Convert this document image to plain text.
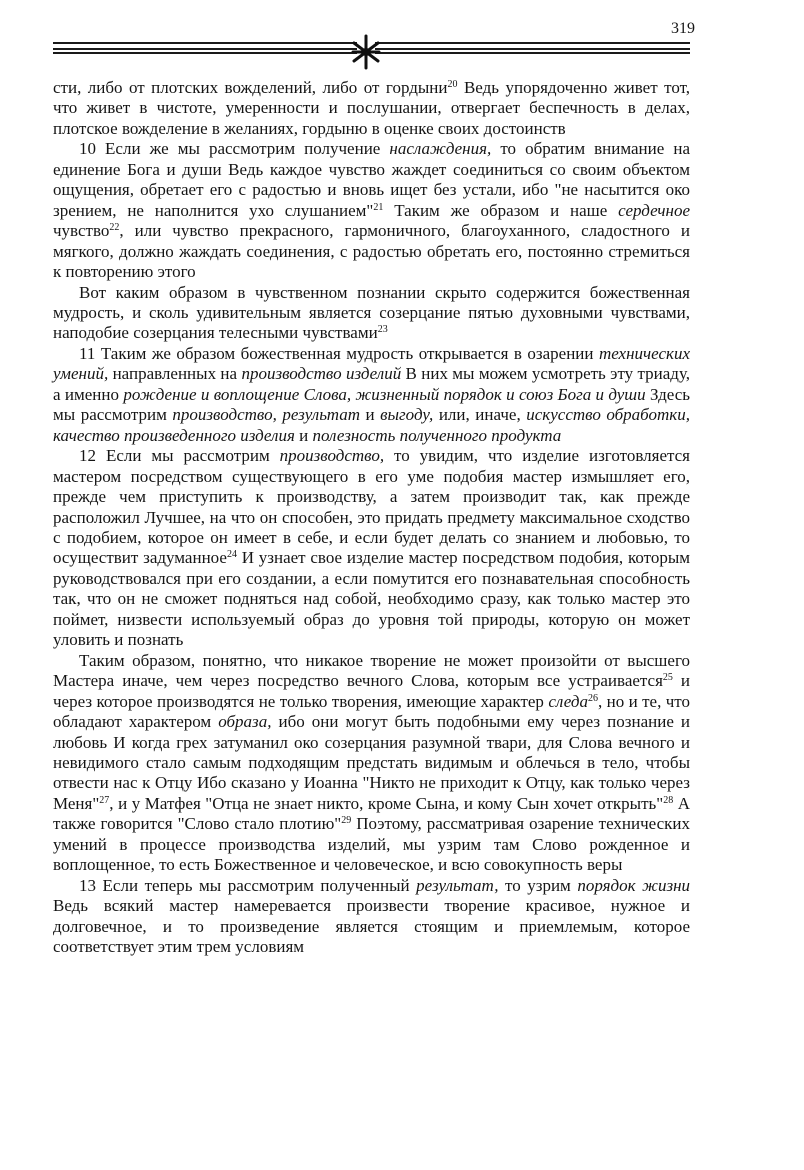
319

сти, либо от плотских вожделений, либо от гордыни$^{20}$ Ведь упорядоченно живет тот, что живет в чистоте, умеренности и послушании, отвергает беспечность в делах, плотское вожделение в желаниях, гордыню в оценке своих достоинств

10 Если же мы рассмотрим получение наслаждения, то обратим внимание на единение Бога и души Ведь каждое чувство жаждет соединиться со своим объектом ощущения, обретает его с радостью и вновь ищет без устали, ибо "не насытится око зрением, не наполнится ухо слушанием"$^{21}$ Таким же образом и наше сердечное чувство$^{22}$, или чувство прекрасного, гармоничного, благоуханного, сладостного и мягкого, должно жаждать соединения, с радостью обретать его, постоянно стремиться к повторению этого

Вот каким образом в чувственном познании скрыто содержится божественная мудрость, и сколь удивительным является созерцание пятью духовными чувствами, наподобие созерцания телесными чувствами$^{23}$

11 Таким же образом божественная мудрость открывается в озарении технических умений, направленных на производство изделий В них мы можем усмотреть эту триаду, а именно рождение и воплощение Слова, жизненный порядок и союз Бога и души Здесь мы рассмотрим производство, результат и выгоду, или, иначе, искусство обработки, качество произведенного изделия и полезность полученного продукта

12 Если мы рассмотрим производство, то увидим, что изделие изготовляется мастером посредством существующего в его уме подобия мастер измышляет его, прежде чем приступить к производству, а затем производит так, как прежде расположил Лучшее, на что он способен, это придать предмету максимальное сходство с подобием, которое он имеет в себе, и если будет делать со знанием и любовью, то осуществит задуманное$^{24}$ И узнает свое изделие мастер посредством подобия, которым руководствовался при его создании, а если помутится его познавательная способность так, что он не сможет подняться над собой, необходимо сразу, как только мастер это поймет, низвести используемый образ до уровня той природы, которую он может уловить и познать

Таким образом, понятно, что никакое творение не может произойти от высшего Мастера иначе, чем через посредство вечного Слова, которым все устраивается$^{25}$ и через которое производятся не только творения, имеющие характер следа$^{26}$, но и те, что обладают характером образа, ибо они могут быть подобными ему через познание и любовь И когда грех затуманил око созерцания разумной твари, для Слова вечного и невидимого стало самым подходящим предстать видимым и облечься в тело, чтобы отвести нас к Отцу Ибо сказано у Иоанна "Никто не приходит к Отцу, как только через Меня"$^{27}$, и у Матфея "Отца не знает никто, кроме Сына, и кому Сын хочет открыть"$^{28}$ А также говорится "Слово стало плотию"$^{29}$ Поэтому, рассматривая озарение технических умений в процессе производства изделий, мы узрим там Слово рожденное и воплощенное, то есть Божественное и человеческое, и всю совокупность веры

13 Если теперь мы рассмотрим полученный результат, то узрим порядок жизни Ведь всякий мастер намеревается произвести творение красивое, нужное и долговечное, и то произведение является стоящим и приемлемым, которое соответствует этим трем условиям
